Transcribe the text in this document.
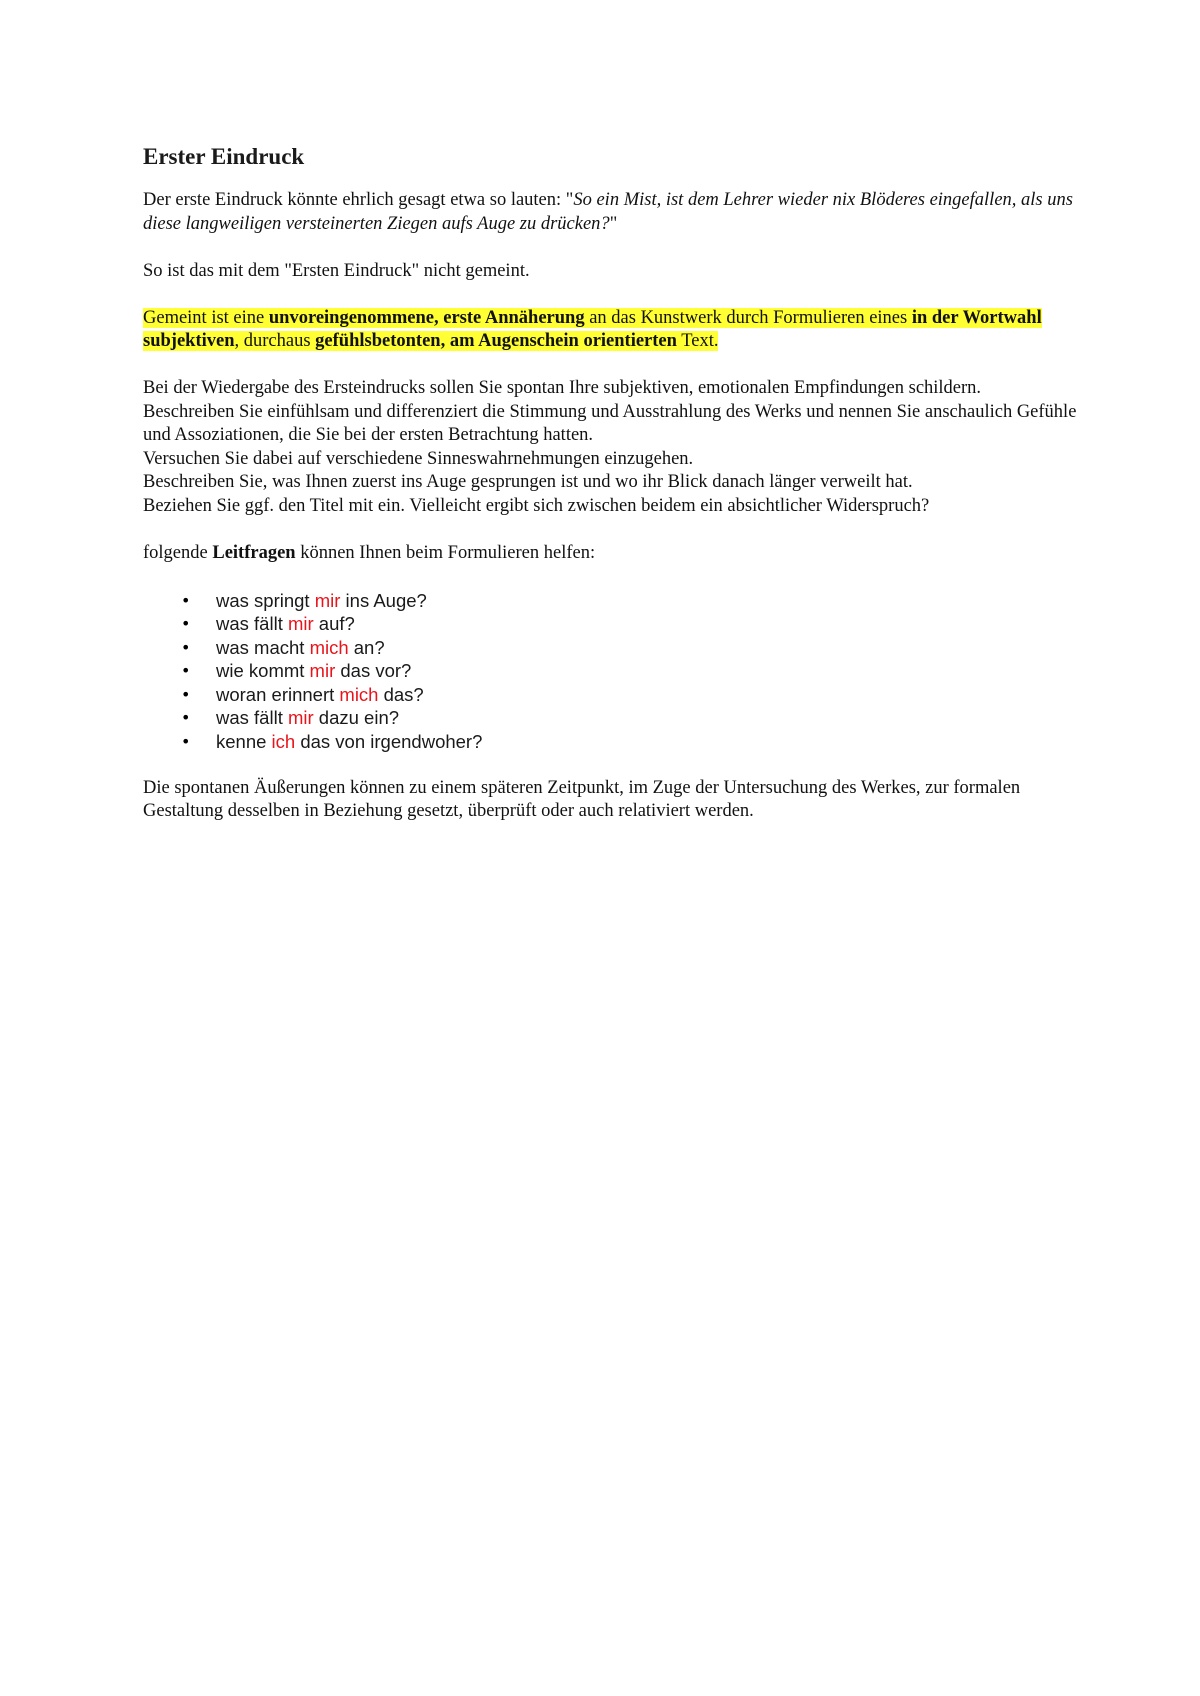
Erster Eindruck

Der erste Eindruck könnte ehrlich gesagt etwa so lauten: "So ein Mist, ist dem Lehrer wieder nix Blöderes eingefallen, als uns diese langweiligen versteinerten Ziegen aufs Auge zu drücken?"

So ist das mit dem "Ersten Eindruck" nicht gemeint.

Gemeint ist eine unvoreingenommene, erste Annäherung an das Kunstwerk durch Formulieren eines in der Wortwahl subjektiven, durchaus gefühlsbetonten, am Augenschein orientierten Text.

Bei der Wiedergabe des Ersteindrucks sollen Sie spontan Ihre subjektiven, emotionalen Empfindungen schildern.
Beschreiben Sie einfühlsam und differenziert die Stimmung und Ausstrahlung des Werks und nennen Sie anschaulich Gefühle und Assoziationen, die Sie bei der ersten Betrachtung hatten.
Versuchen Sie dabei auf verschiedene Sinneswahrnehmungen einzugehen.
Beschreiben Sie, was Ihnen zuerst ins Auge gesprungen ist und wo ihr Blick danach länger verweilt hat.
Beziehen Sie ggf. den Titel mit ein. Vielleicht ergibt sich zwischen beidem ein absichtlicher Widerspruch?

folgende Leitfragen können Ihnen beim Formulieren helfen:

• was springt mir ins Auge?
• was fällt mir auf?
• was macht mich an?
• wie kommt mir das vor?
• woran erinnert mich das?
• was fällt mir dazu ein?
• kenne ich das von irgendwoher?

Die spontanen Äußerungen können zu einem späteren Zeitpunkt, im Zuge der Untersuchung des Werkes, zur formalen Gestaltung desselben in Beziehung gesetzt, überprüft oder auch relativiert werden.
